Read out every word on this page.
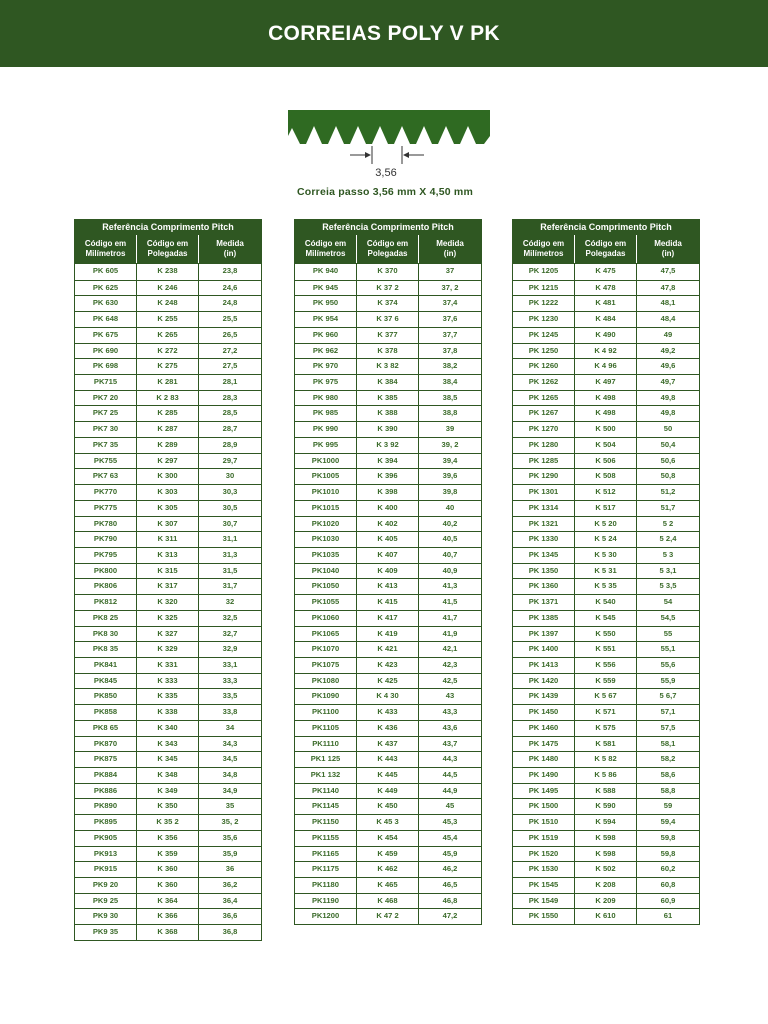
CORREIAS POLY V PK
3,56
Correia passo 3,56 mm X 4,50 mm
Referência Comprimento Pitch
Código em
Milímetros
Código em
Polegadas
Medida
(in)
PK 605	K 238	23,8
PK 625	K 246	24,6
PK 630	K 248	24,8
PK 648	K 255	25,5
PK 675	K 265	26,5
PK 690	K 272	27,2
PK 698	K 275	27,5
PK715	K 281	28,1
PK7 20	K 2 83	28,3
PK7 25	K 285	28,5
PK7 30	K 287	28,7
PK7 35	K 289	28,9
PK755	K 297	29,7
PK7 63	K 300	30
PK770	K 303	30,3
PK775	K 305	30,5
PK780	K 307	30,7
PK790	K 311	31,1
PK795	K 313	31,3
PK800	K 315	31,5
PK806	K 317	31,7
PK812	K 320	32
PK8 25	K 325	32,5
PK8 30	K 327	32,7
PK8 35	K 329	32,9
PK841	K 331	33,1
PK845	K 333	33,3
PK850	K 335	33,5
PK858	K 338	33,8
PK8 65	K 340	34
PK870	K 343	34,3
PK875	K 345	34,5
PK884	K 348	34,8
PK886	K 349	34,9
PK890	K 350	35
PK895	K 35 2	35, 2
PK905	K 356	35,6
PK913	K 359	35,9
PK915	K 360	36
PK9 20	K 360	36,2
PK9 25	K 364	36,4
PK9 30	K 366	36,6
PK9 35	K 368	36,8
Referência Comprimento Pitch
Código em
Milímetros
Código em
Polegadas
Medida
(in)
PK 940	K 370	37
PK 945	K 37 2	37, 2
PK 950	K 374	37,4
PK 954	K 37 6	37,6
PK 960	K 377	37,7
PK 962	K 378	37,8
PK 970	K 3 82	38,2
PK 975	K 384	38,4
PK 980	K 385	38,5
PK 985	K 388	38,8
PK 990	K 390	39
PK 995	K 3 92	39, 2
PK1000	K 394	39,4
PK1005	K 396	39,6
PK1010	K 398	39,8
PK1015	K 400	40
PK1020	K 402	40,2
PK1030	K 405	40,5
PK1035	K 407	40,7
PK1040	K 409	40,9
PK1050	K 413	41,3
PK1055	K 415	41,5
PK1060	K 417	41,7
PK1065	K 419	41,9
PK1070	K 421	42,1
PK1075	K 423	42,3
PK1080	K 425	42,5
PK1090	K 4 30	43
PK1100	K 433	43,3
PK1105	K 436	43,6
PK1110	K 437	43,7
PK1 125	K 443	44,3
PK1 132	K 445	44,5
PK1140	K 449	44,9
PK1145	K 450	45
PK1150	K 45 3	45,3
PK1155	K 454	45,4
PK1165	K 459	45,9
PK1175	K 462	46,2
PK1180	K 465	46,5
PK1190	K 468	46,8
PK1200	K 47 2	47,2
Referência Comprimento Pitch
Código em
Milímetros
Código em
Polegadas
Medida
(in)
PK 1205	K 475	47,5
PK 1215	K 478	47,8
PK 1222	K 481	48,1
PK 1230	K 484	48,4
PK 1245	K 490	49
PK 1250	K 4 92	49,2
PK 1260	K 4 96	49,6
PK 1262	K 497	49,7
PK 1265	K 498	49,8
PK 1267	K 498	49,8
PK 1270	K 500	50
PK 1280	K 504	50,4
PK 1285	K 506	50,6
PK 1290	K 508	50,8
PK 1301	K 512	51,2
PK 1314	K 517	51,7
PK 1321	K 5 20	5 2
PK 1330	K 5 24	5 2,4
PK 1345	K 5 30	5 3
PK 1350	K 5 31	5 3,1
PK 1360	K 5 35	5 3,5
PK 1371	K 540	54
PK 1385	K 545	54,5
PK 1397	K 550	55
PK 1400	K 551	55,1
PK 1413	K 556	55,6
PK 1420	K 559	55,9
PK 1439	K 5 67	5 6,7
PK 1450	K 571	57,1
PK 1460	K 575	57,5
PK 1475	K 581	58,1
PK 1480	K 5 82	58,2
PK 1490	K 5 86	58,6
PK 1495	K 588	58,8
PK 1500	K 590	59
PK 1510	K 594	59,4
PK 1519	K 598	59,8
PK 1520	K 598	59,8
PK 1530	K 502	60,2
PK 1545	K 208	60,8
PK 1549	K 209	60,9
PK 1550	K 610	61
